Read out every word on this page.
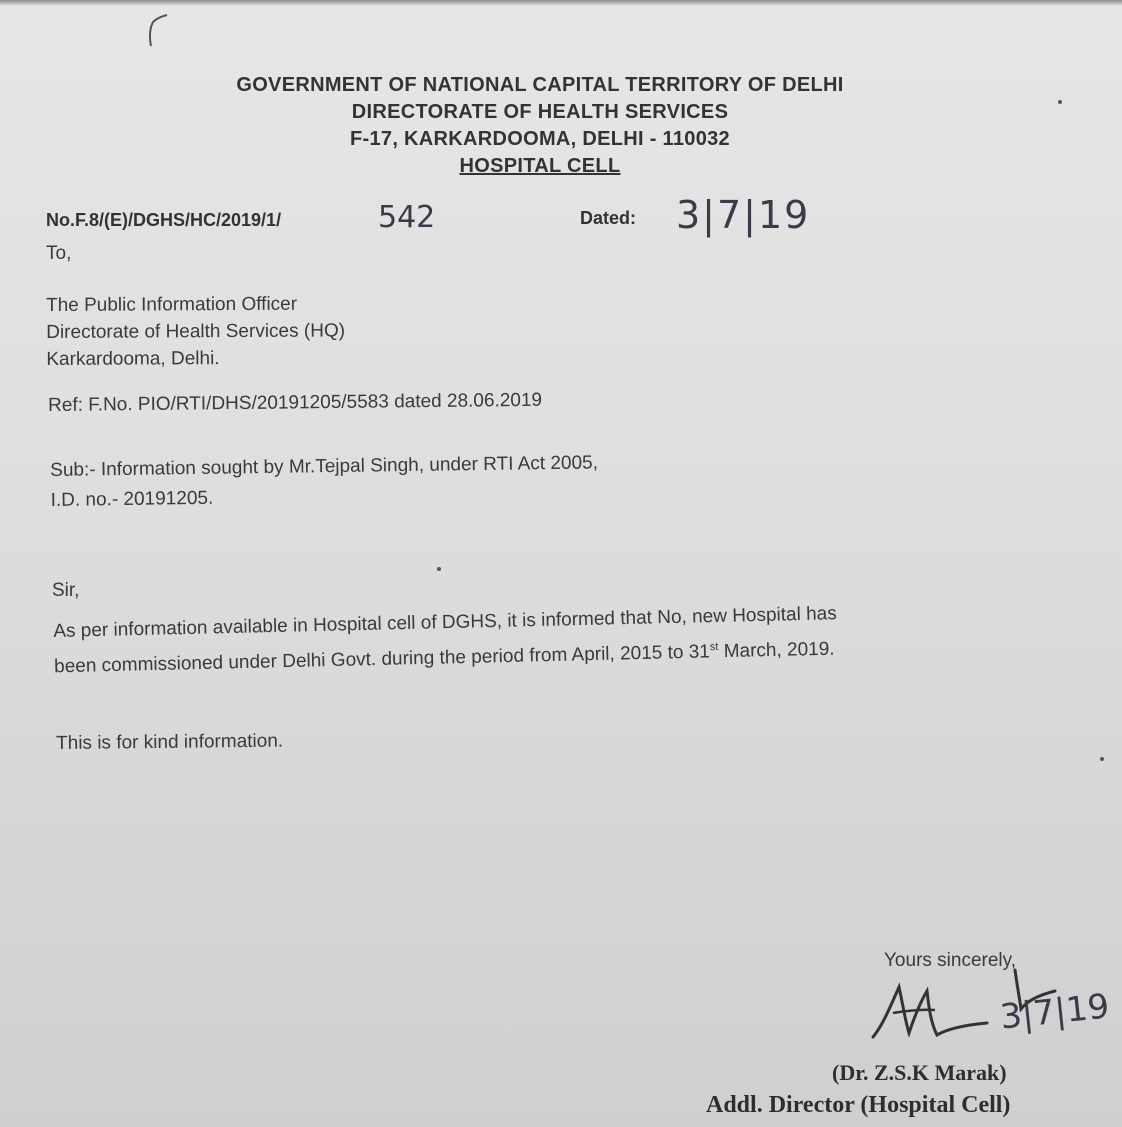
GOVERNMENT OF NATIONAL CAPITAL TERRITORY OF DELHI
DIRECTORATE OF HEALTH SERVICES
F-17, KARKARDOOMA, DELHI - 110032
HOSPITAL CELL
No.F.8/(E)/DGHS/HC/2019/1/	542	Dated: 3|7|19
To,
The Public Information Officer
Directorate of Health Services (HQ)
Karkardooma, Delhi.
Ref: F.No. PIO/RTI/DHS/20191205/5583 dated 28.06.2019
Sub:- Information sought by Mr.Tejpal Singh, under RTI Act 2005,
I.D. no.- 20191205.
Sir,
As per information available in Hospital cell of DGHS, it is informed that No, new Hospital has
been commissioned under Delhi Govt. during the period from April, 2015 to 31st March, 2019.
This is for kind information.
Yours sincerely,
3|7|19
(Dr. Z.S.K Marak)
Addl. Director (Hospital Cell)
